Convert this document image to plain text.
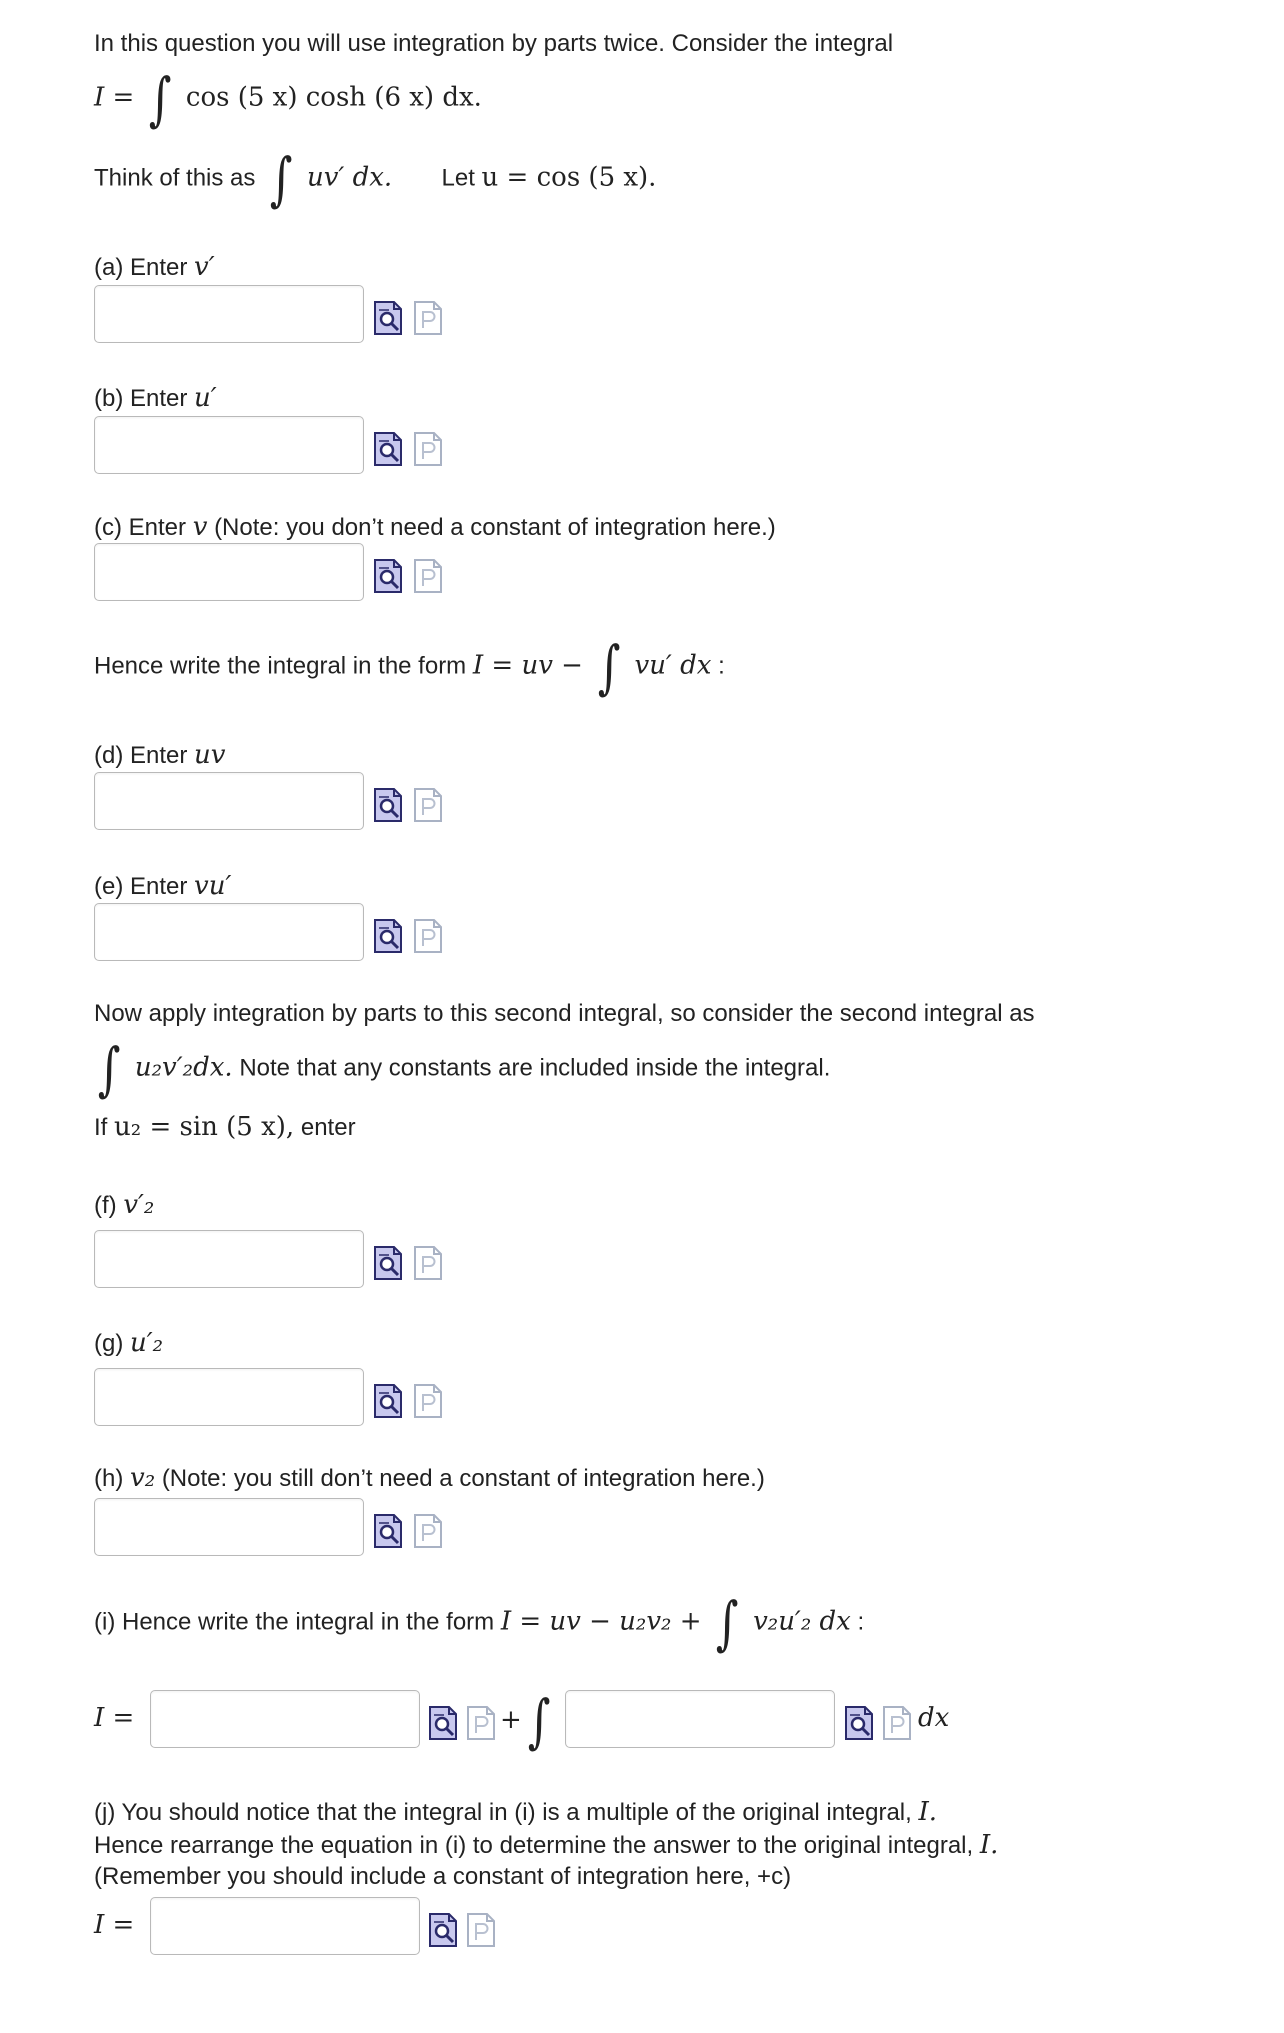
In this question you will use integration by parts twice. Consider the integral
I = ∫ cos (5 x) cosh (6 x) dx.
Think of this as ∫ uv′ dx. Let u = cos (5 x).
(a) Enter v′
(b) Enter u′
(c) Enter v (Note: you don’t need a constant of integration here.)
Hence write the integral in the form I = uv − ∫ vu′ dx :
(d) Enter uv
(e) Enter vu′
Now apply integration by parts to this second integral, so consider the second integral as
∫ u₂v′₂dx. Note that any constants are included inside the integral.
If u₂ = sin (5 x), enter
(f) v′₂
(g) u′₂
(h) v₂ (Note: you still don’t need a constant of integration here.)
(i) Hence write the integral in the form I = uv − u₂v₂ + ∫ v₂u′₂ dx :
I =	+ ∫	dx
(j) You should notice that the integral in (i) is a multiple of the original integral, I.
Hence rearrange the equation in (i) to determine the answer to the original integral, I.
(Remember you should include a constant of integration here, +c)
I =
